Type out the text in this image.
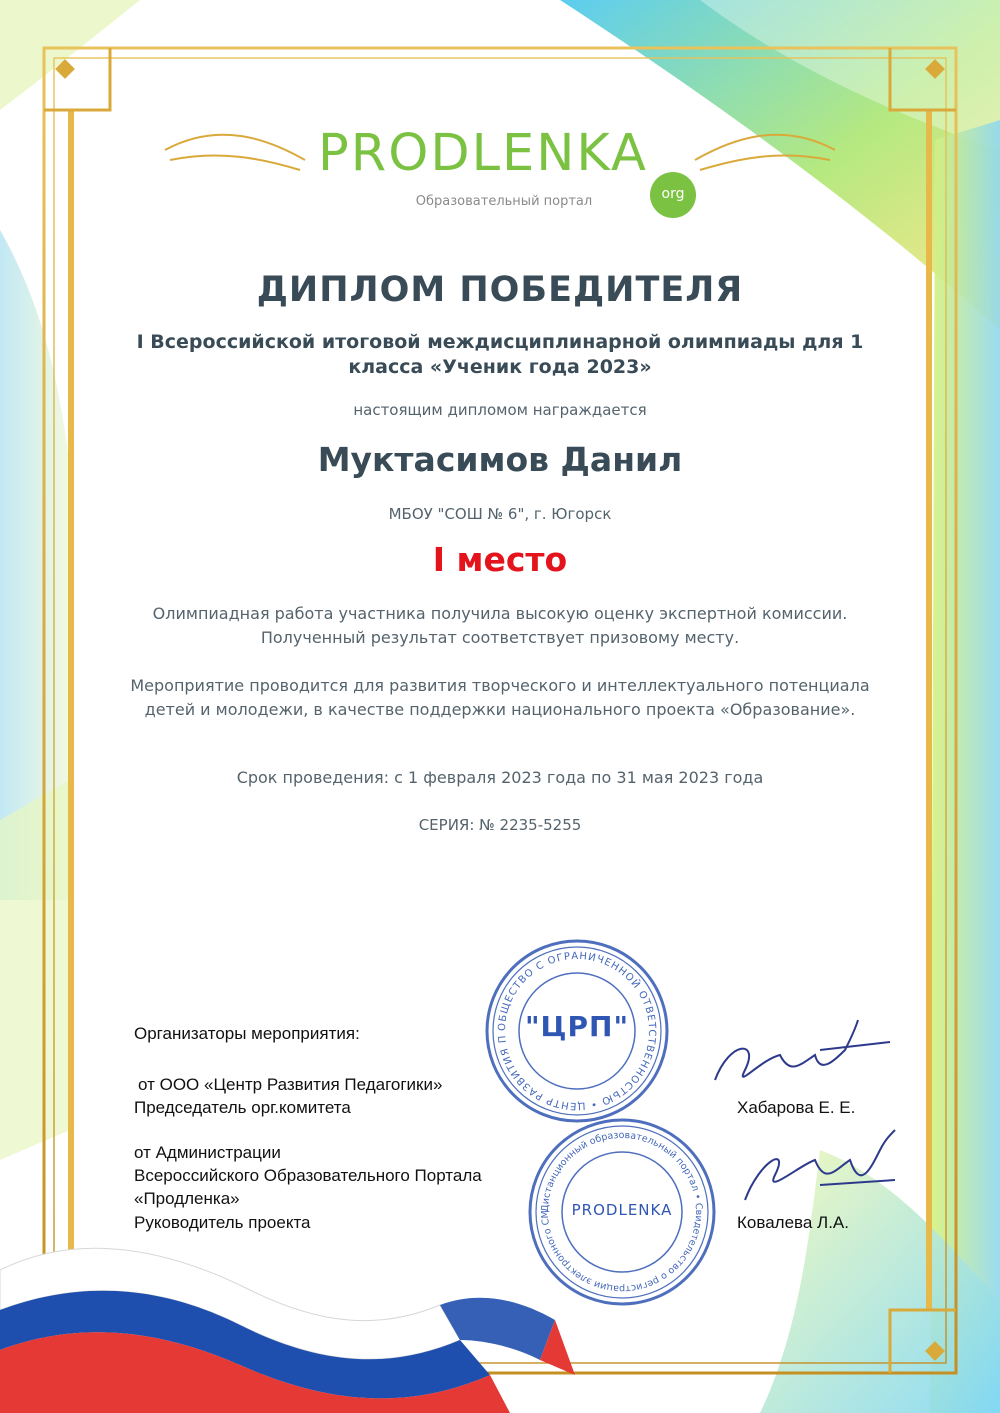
PRODLENKA
org
Образовательный портал
ДИПЛОМ ПОБЕДИТЕЛЯ
I Всероссийской итоговой междисциплинарной олимпиады для 1 класса «Ученик года 2023»
настоящим дипломом награждается
Муктасимов Данил
МБОУ "СОШ № 6", г. Югорск
I место
Олимпиадная работа участника получила высокую оценку экспертной комиссии. Полученный результат соответствует призовому месту.
Мероприятие проводится для развития творческого и интеллектуального потенциала детей и молодежи, в качестве поддержки национального проекта «Образование».
Срок проведения: с 1 февраля 2023 года по 31 мая 2023 года
СЕРИЯ: № 2235-5255
ОБЩЕСТВО С ОГРАНИЧЕННОЙ ОТВЕТСТВЕННОСТЬЮ • ЦЕНТР РАЗВИТИЯ П "ЦРП"
Дистанционный образовательный портал • Свидетельство о регистрации электронного СМ	PRODLENKA
Организаторы мероприятия:
от ООО «Центр Развития Педагогики»
Председатель орг.комитета	Хабарова Е. Е.
от Администрации
Всероссийского Образовательного Портала
«Продленка»
Руководитель проекта	Ковалева Л.А.
